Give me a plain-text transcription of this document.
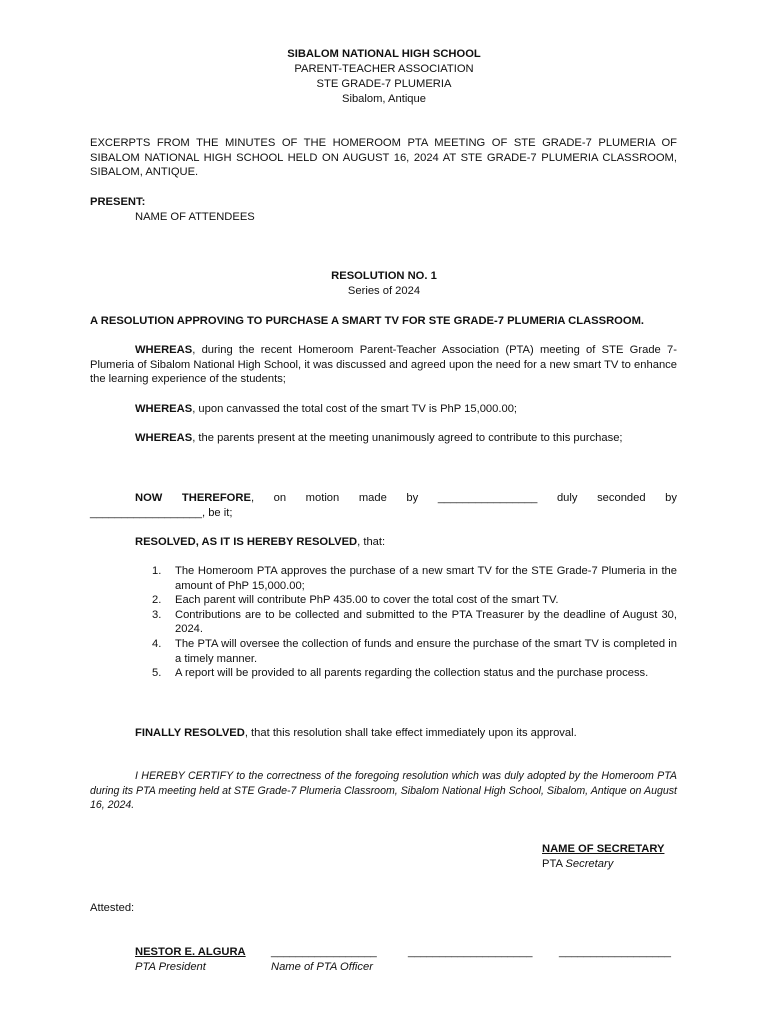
SIBALOM NATIONAL HIGH SCHOOL
PARENT-TEACHER ASSOCIATION
STE GRADE-7 PLUMERIA
Sibalom, Antique
EXCERPTS FROM THE MINUTES OF THE HOMEROOM PTA MEETING OF STE GRADE-7 PLUMERIA OF SIBALOM NATIONAL HIGH SCHOOL HELD ON AUGUST 16, 2024 AT STE GRADE-7 PLUMERIA CLASSROOM, SIBALOM, ANTIQUE.
PRESENT:
NAME OF ATTENDEES
RESOLUTION NO. 1
Series of 2024
A RESOLUTION APPROVING TO PURCHASE A SMART TV FOR STE GRADE-7 PLUMERIA CLASSROOM.
WHEREAS, during the recent Homeroom Parent-Teacher Association (PTA) meeting of STE Grade 7-Plumeria of Sibalom National High School, it was discussed and agreed upon the need for a new smart TV to enhance the learning experience of the students;
WHEREAS, upon canvassed the total cost of the smart TV is PhP 15,000.00;
WHEREAS, the parents present at the meeting unanimously agreed to contribute to this purchase;
NOW THEREFORE, on motion made by ________________ duly seconded by
__________________, be it;
RESOLVED, AS IT IS HEREBY RESOLVED, that:
1. The Homeroom PTA approves the purchase of a new smart TV for the STE Grade-7 Plumeria in the amount of PhP 15,000.00;
2. Each parent will contribute PhP 435.00 to cover the total cost of the smart TV.
3. Contributions are to be collected and submitted to the PTA Treasurer by the deadline of August 30, 2024.
4. The PTA will oversee the collection of funds and ensure the purchase of the smart TV is completed in a timely manner.
5. A report will be provided to all parents regarding the collection status and the purchase process.
FINALLY RESOLVED, that this resolution shall take effect immediately upon its approval.
I HEREBY CERTIFY to the correctness of the foregoing resolution which was duly adopted by the Homeroom PTA during its PTA meeting held at STE Grade-7 Plumeria Classroom, Sibalom National High School, Sibalom, Antique on August 16, 2024.
NAME OF SECRETARY
PTA Secretary
Attested:
NESTOR E. ALGURA
PTA President
_________________
Name of PTA Officer
____________________ __________________
